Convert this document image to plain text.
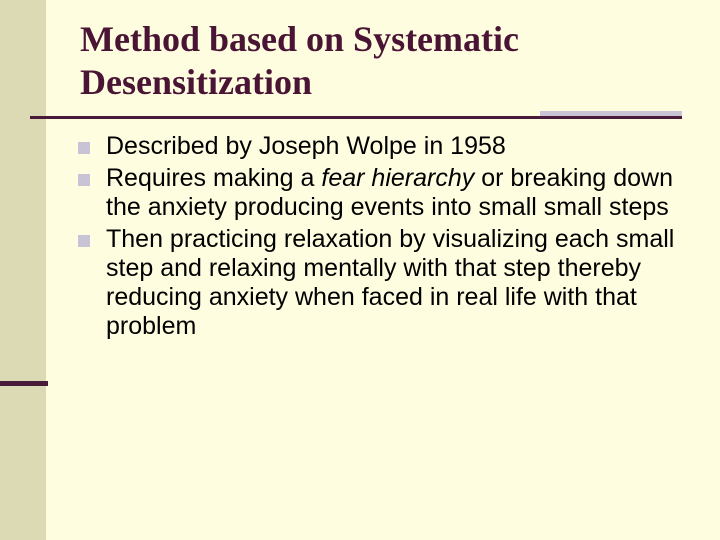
Method based on Systematic Desensitization
Described by Joseph Wolpe in 1958
Requires making a fear hierarchy or breaking down the anxiety producing events into small small steps
Then practicing relaxation by visualizing each small step and relaxing mentally with that step thereby reducing anxiety when faced in real life with that problem
